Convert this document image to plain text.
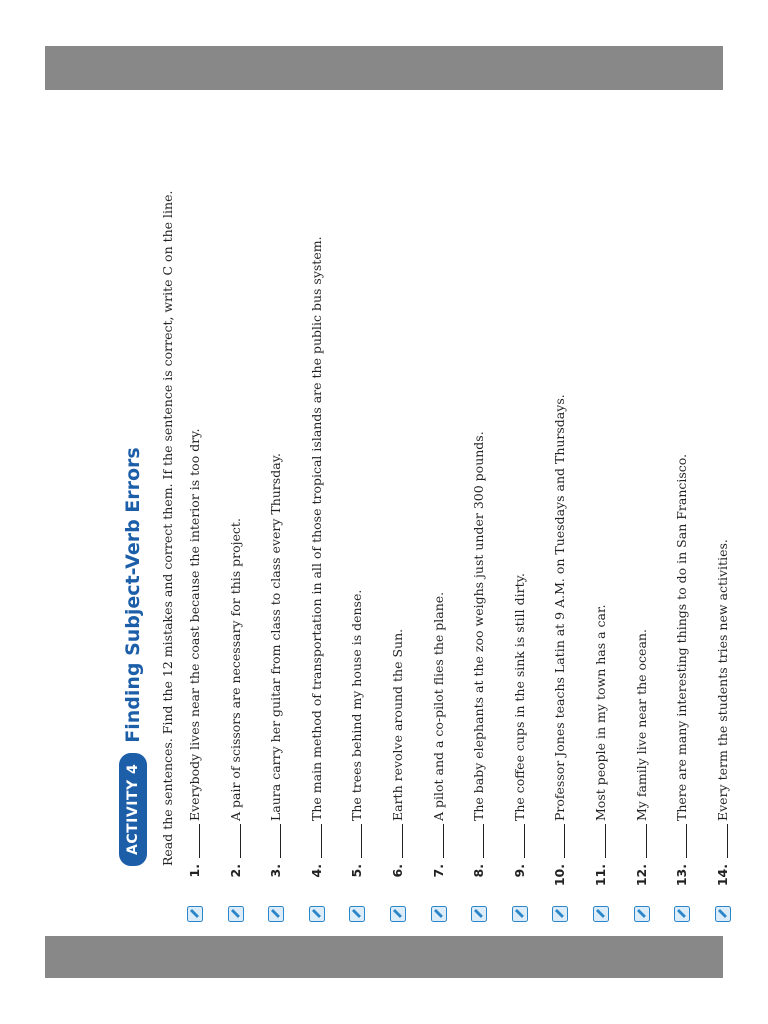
ACTIVITY 4
Finding Subject-Verb Errors Read the sentences. Find the 12 mistakes and correct them. If the sentence is correct, write C on the line.
1.
Everybody lives near the coast because the interior is too dry.
2.
A pair of scissors are necessary for this project.
3.
Laura carry her guitar from class to class every Thursday.
4.
The main method of transportation in all of those tropical islands are the public bus system.
5.
The trees behind my house is dense.
6.
Earth revolve around the Sun.
7.
A pilot and a co-pilot flies the plane.
8.
The baby elephants at the zoo weighs just under 300 pounds.
9.
The coffee cups in the sink is still dirty.
10.
Professor Jones teachs Latin at 9 A.M. on Tuesdays and Thursdays.
11.
Most people in my town has a car.
12.
My family live near the ocean.
13.
There are many interesting things to do in San Francisco.
14.
Every term the students tries new activities.
